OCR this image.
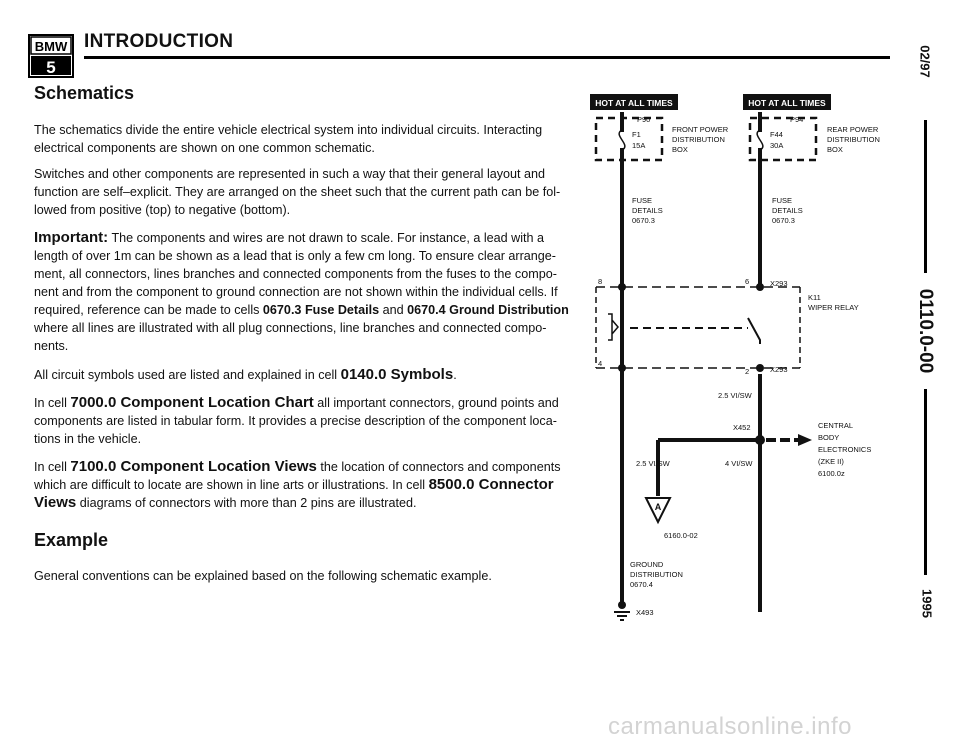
BMW
5
INTRODUCTION
Schematics
The schematics divide the entire vehicle electrical system into individual circuits. Interacting electrical components are shown on one common schematic.
Switches and other components are represented in such a way that their general layout and function are self–explicit. They are arranged on the sheet such that the current path can be fol-lowed from positive (top) to negative (bottom).
Important: The components and wires are not drawn to scale. For instance, a lead with a length of over 1m can be shown as a lead that is only a few cm long. To ensure clear arrange-ment, all connectors, lines branches and connected components from the fuses to the compo-nent and from the component to ground connection are not shown within the individual cells. If required, reference can be made to cells 0670.3 Fuse Details and 0670.4 Ground Distribution where all lines are illustrated with all plug connections, line branches and connected compo-nents.
All circuit symbols used are listed and explained in cell 0140.0 Symbols.
In cell 7000.0 Component Location Chart all important connectors, ground points and components are listed in tabular form. It provides a precise description of the component loca-tions in the vehicle.
In cell 7100.0 Component Location Views the location of connectors and components which are difficult to locate are shown in line arts or illustrations. In cell 8500.0 Connector Views diagrams of connectors with more than 2 pins are illustrated.
Example
General conventions can be explained based on the following schematic example.
02/97
0110.0-00
1995
HOT AT ALL TIMES	HOT AT ALL TIMES
A
P90
FRONT POWER
DISTRIBUTION
BOX
F1
15A
P94
REAR POWER
DISTRIBUTION
BOX
F44
30A
FUSE
DETAILS
0670.3
FUSE
DETAILS
0670.3
8	6	X293
K11
WIPER RELAY
4
2	X293
2.5 VI/SW
X452
2.5 VI/SW	4 VI/SW
CENTRAL
BODY
ELECTRONICS
(ZKE II)
6100.0z
6160.0-02
GROUND
DISTRIBUTION
0670.4
X493
carmanualsonline.info
